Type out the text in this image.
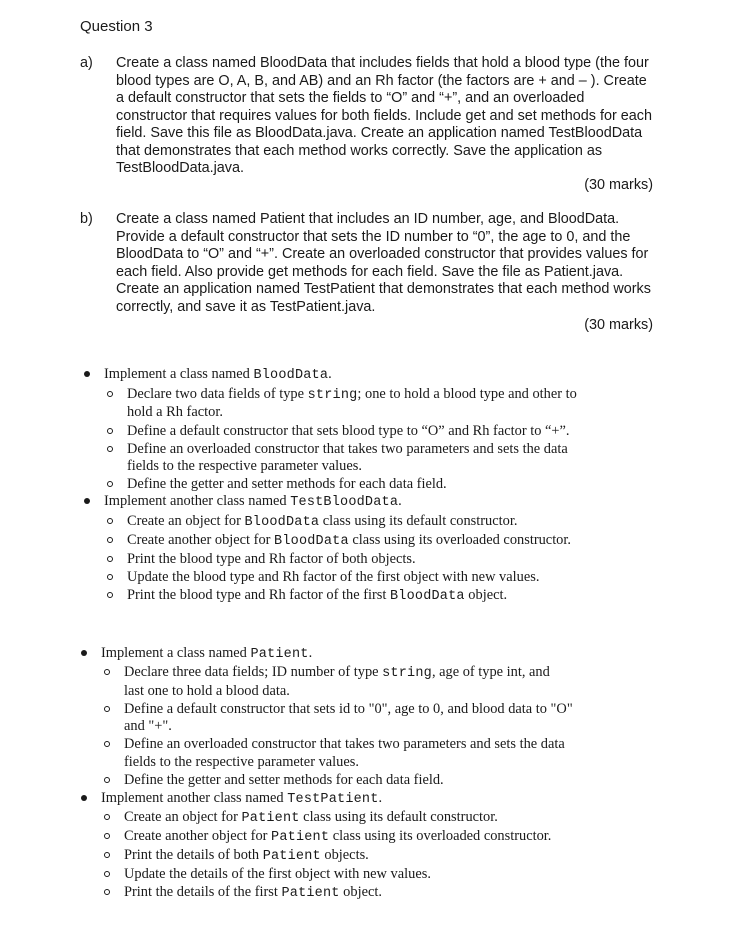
Question 3
a) Create a class named BloodData that includes fields that hold a blood type (the four blood types are O, A, B, and AB) and an Rh factor (the factors are + and – ). Create a default constructor that sets the fields to “O” and “+”, and an overloaded constructor that requires values for both fields. Include get and set methods for each field. Save this file as BloodData.java. Create an application named TestBloodData that demonstrates that each method works correctly. Save the application as TestBloodData.java.
(30 marks)
b) Create a class named Patient that includes an ID number, age, and BloodData. Provide a default constructor that sets the ID number to “0”, the age to 0, and the BloodData to “O” and “+”. Create an overloaded constructor that provides values for each field. Also provide get methods for each field. Save the file as Patient.java. Create an application named TestPatient that demonstrates that each method works correctly, and save it as TestPatient.java.
(30 marks)
Implement a class named BloodData.
Declare two data fields of type string; one to hold a blood type and other to
hold a Rh factor.
Define a default constructor that sets blood type to “O” and Rh factor to “+”.
Define an overloaded constructor that takes two parameters and sets the data
fields to the respective parameter values.
Define the getter and setter methods for each data field.
Implement another class named TestBloodData.
Create an object for BloodData class using its default constructor.
Create another object for BloodData class using its overloaded constructor.
Print the blood type and Rh factor of both objects.
Update the blood type and Rh factor of the first object with new values.
Print the blood type and Rh factor of the first BloodData object.
Implement a class named Patient.
Declare three data fields; ID number of type string, age of type int, and
last one to hold a blood data.
Define a default constructor that sets id to "0", age to 0, and blood data to "O"
and "+".
Define an overloaded constructor that takes two parameters and sets the data
fields to the respective parameter values.
Define the getter and setter methods for each data field.
Implement another class named TestPatient.
Create an object for Patient class using its default constructor.
Create another object for Patient class using its overloaded constructor.
Print the details of both Patient objects.
Update the details of the first object with new values.
Print the details of the first Patient object.
